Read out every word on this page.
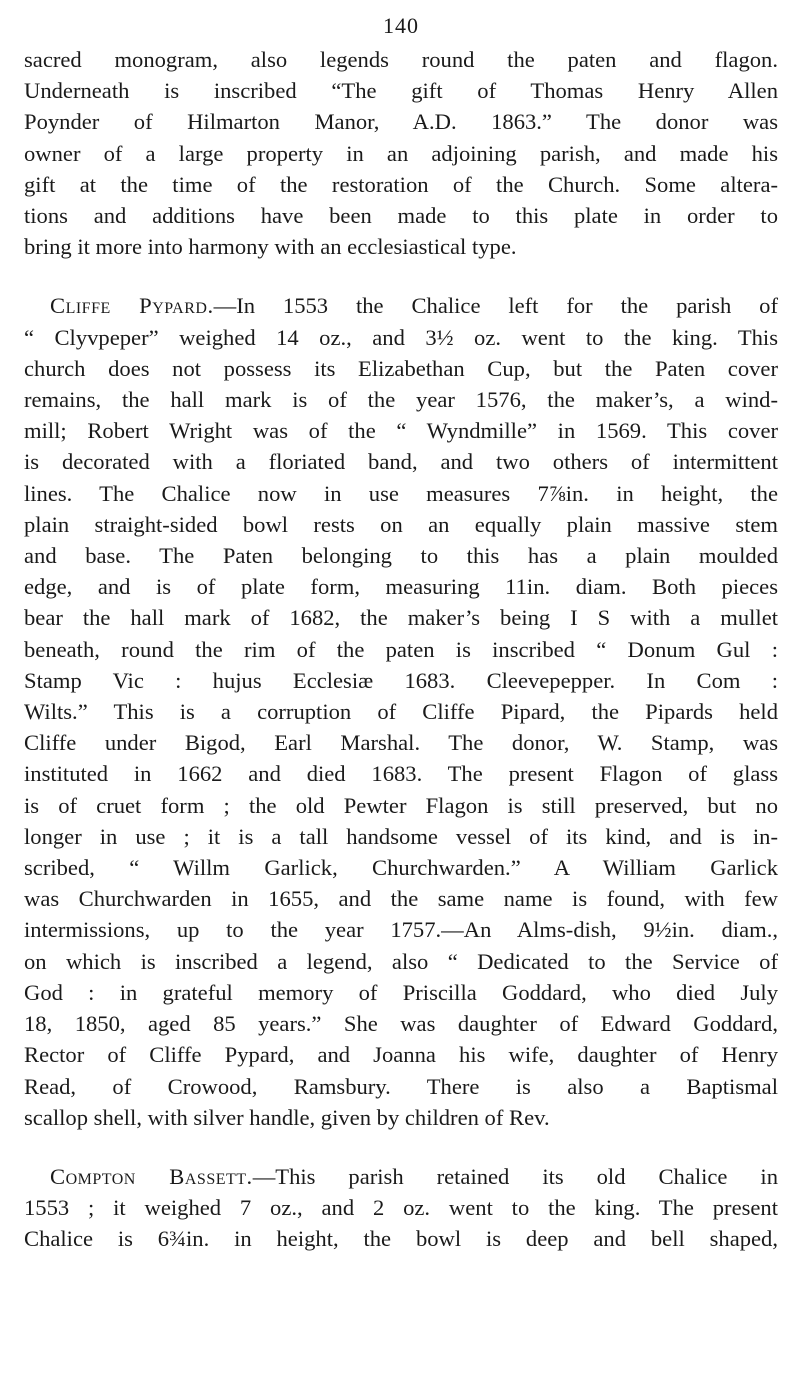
140

sacred monogram, also legends round the paten and flagon.
Underneath is inscribed “The gift of Thomas Henry Allen
Poynder of Hilmarton Manor, A.D. 1863.” The donor was
owner of a large property in an adjoining parish, and made his
gift at the time of the restoration of the Church. Some altera-
tions and additions have been made to this plate in order to
bring it more into harmony with an ecclesiastical type.

Cliffe Pypard.—In 1553 the Chalice left for the parish of
“ Clyvpeper” weighed 14 oz., and 3½ oz. went to the king. This
church does not possess its Elizabethan Cup, but the Paten cover
remains, the hall mark is of the year 1576, the maker’s, a wind-
mill; Robert Wright was of the “ Wyndmille” in 1569. This cover
is decorated with a floriated band, and two others of intermittent
lines. The Chalice now in use measures 7⅞in. in height, the
plain straight-sided bowl rests on an equally plain massive stem
and base. The Paten belonging to this has a plain moulded
edge, and is of plate form, measuring 11in. diam. Both pieces
bear the hall mark of 1682, the maker’s being I S with a mullet
beneath, round the rim of the paten is inscribed “ Donum Gul :
Stamp Vic : hujus Ecclesiæ 1683. Cleevepepper. In Com :
Wilts.” This is a corruption of Cliffe Pipard, the Pipards held
Cliffe under Bigod, Earl Marshal. The donor, W. Stamp, was
instituted in 1662 and died 1683. The present Flagon of glass
is of cruet form ; the old Pewter Flagon is still preserved, but no
longer in use ; it is a tall handsome vessel of its kind, and is in-
scribed, “ Willm Garlick, Churchwarden.” A William Garlick
was Churchwarden in 1655, and the same name is found, with few
intermissions, up to the year 1757.—An Alms-dish, 9½in. diam.,
on which is inscribed a legend, also “ Dedicated to the Service of
God : in grateful memory of Priscilla Goddard, who died July
18, 1850, aged 85 years.” She was daughter of Edward Goddard,
Rector of Cliffe Pypard, and Joanna his wife, daughter of Henry
Read, of Crowood, Ramsbury. There is also a Baptismal
scallop shell, with silver handle, given by children of Rev.

Compton Bassett.—This parish retained its old Chalice in
1553 ; it weighed 7 oz., and 2 oz. went to the king. The present
Chalice is 6¾in. in height, the bowl is deep and bell shaped,
